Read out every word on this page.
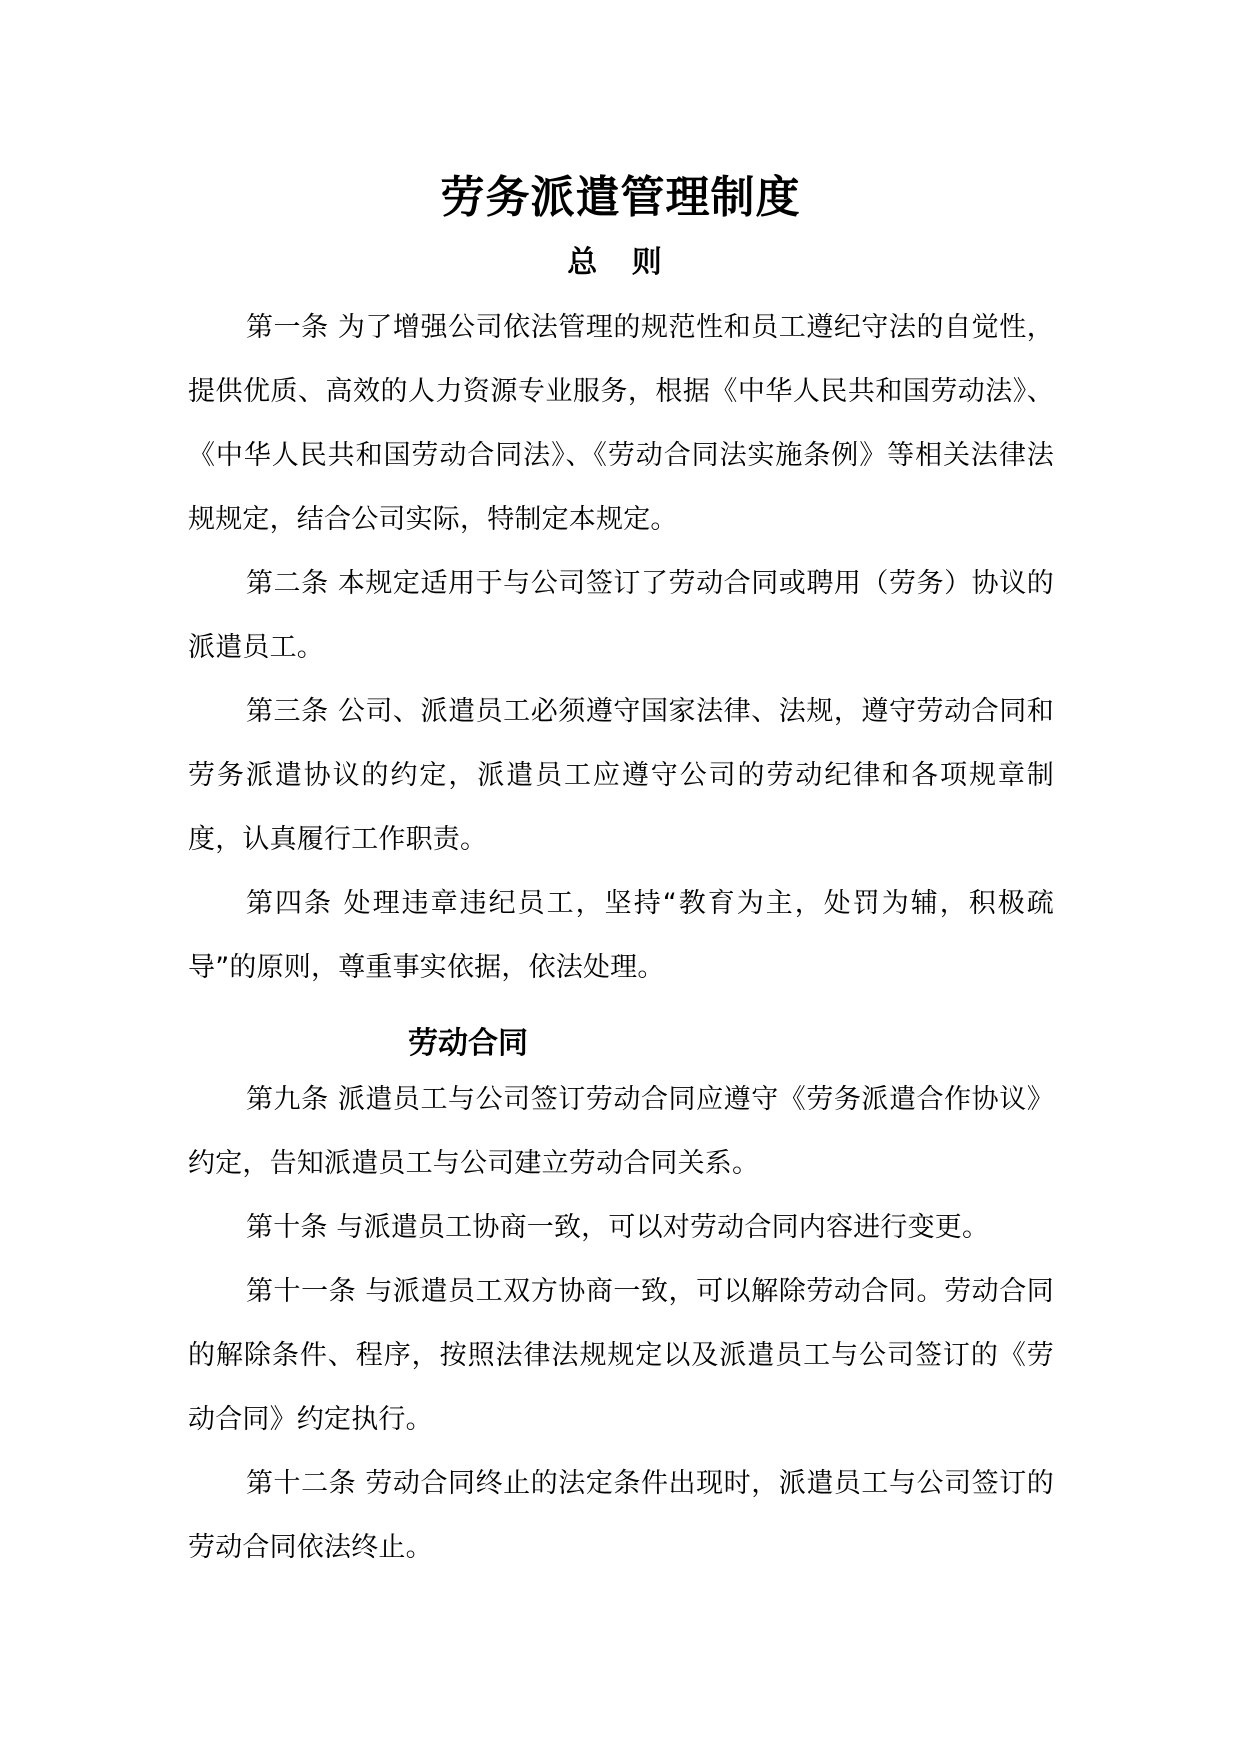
劳务派遣管理制度
总 则

第一条 为了增强公司依法管理的规范性和员工遵纪守法的自觉性，提供优质、高效的人力资源专业服务，根据《中华人民共和国劳动法》、《中华人民共和国劳动合同法》、《劳动合同法实施条例》等相关法律法规规定，结合公司实际，特制定本规定。

第二条 本规定适用于与公司签订了劳动合同或聘用（劳务）协议的派遣员工。

第三条 公司、派遣员工必须遵守国家法律、法规，遵守劳动合同和劳务派遣协议的约定，派遣员工应遵守公司的劳动纪律和各项规章制度，认真履行工作职责。

第四条 处理违章违纪员工，坚持“教育为主，处罚为辅，积极疏导”的原则，尊重事实依据，依法处理。

劳动合同

第九条 派遣员工与公司签订劳动合同应遵守《劳务派遣合作协议》约定，告知派遣员工与公司建立劳动合同关系。

第十条 与派遣员工协商一致，可以对劳动合同内容进行变更。

第十一条 与派遣员工双方协商一致，可以解除劳动合同。劳动合同的解除条件、程序，按照法律法规规定以及派遣员工与公司签订的《劳动合同》约定执行。

第十二条 劳动合同终止的法定条件出现时，派遣员工与公司签订的劳动合同依法终止。
